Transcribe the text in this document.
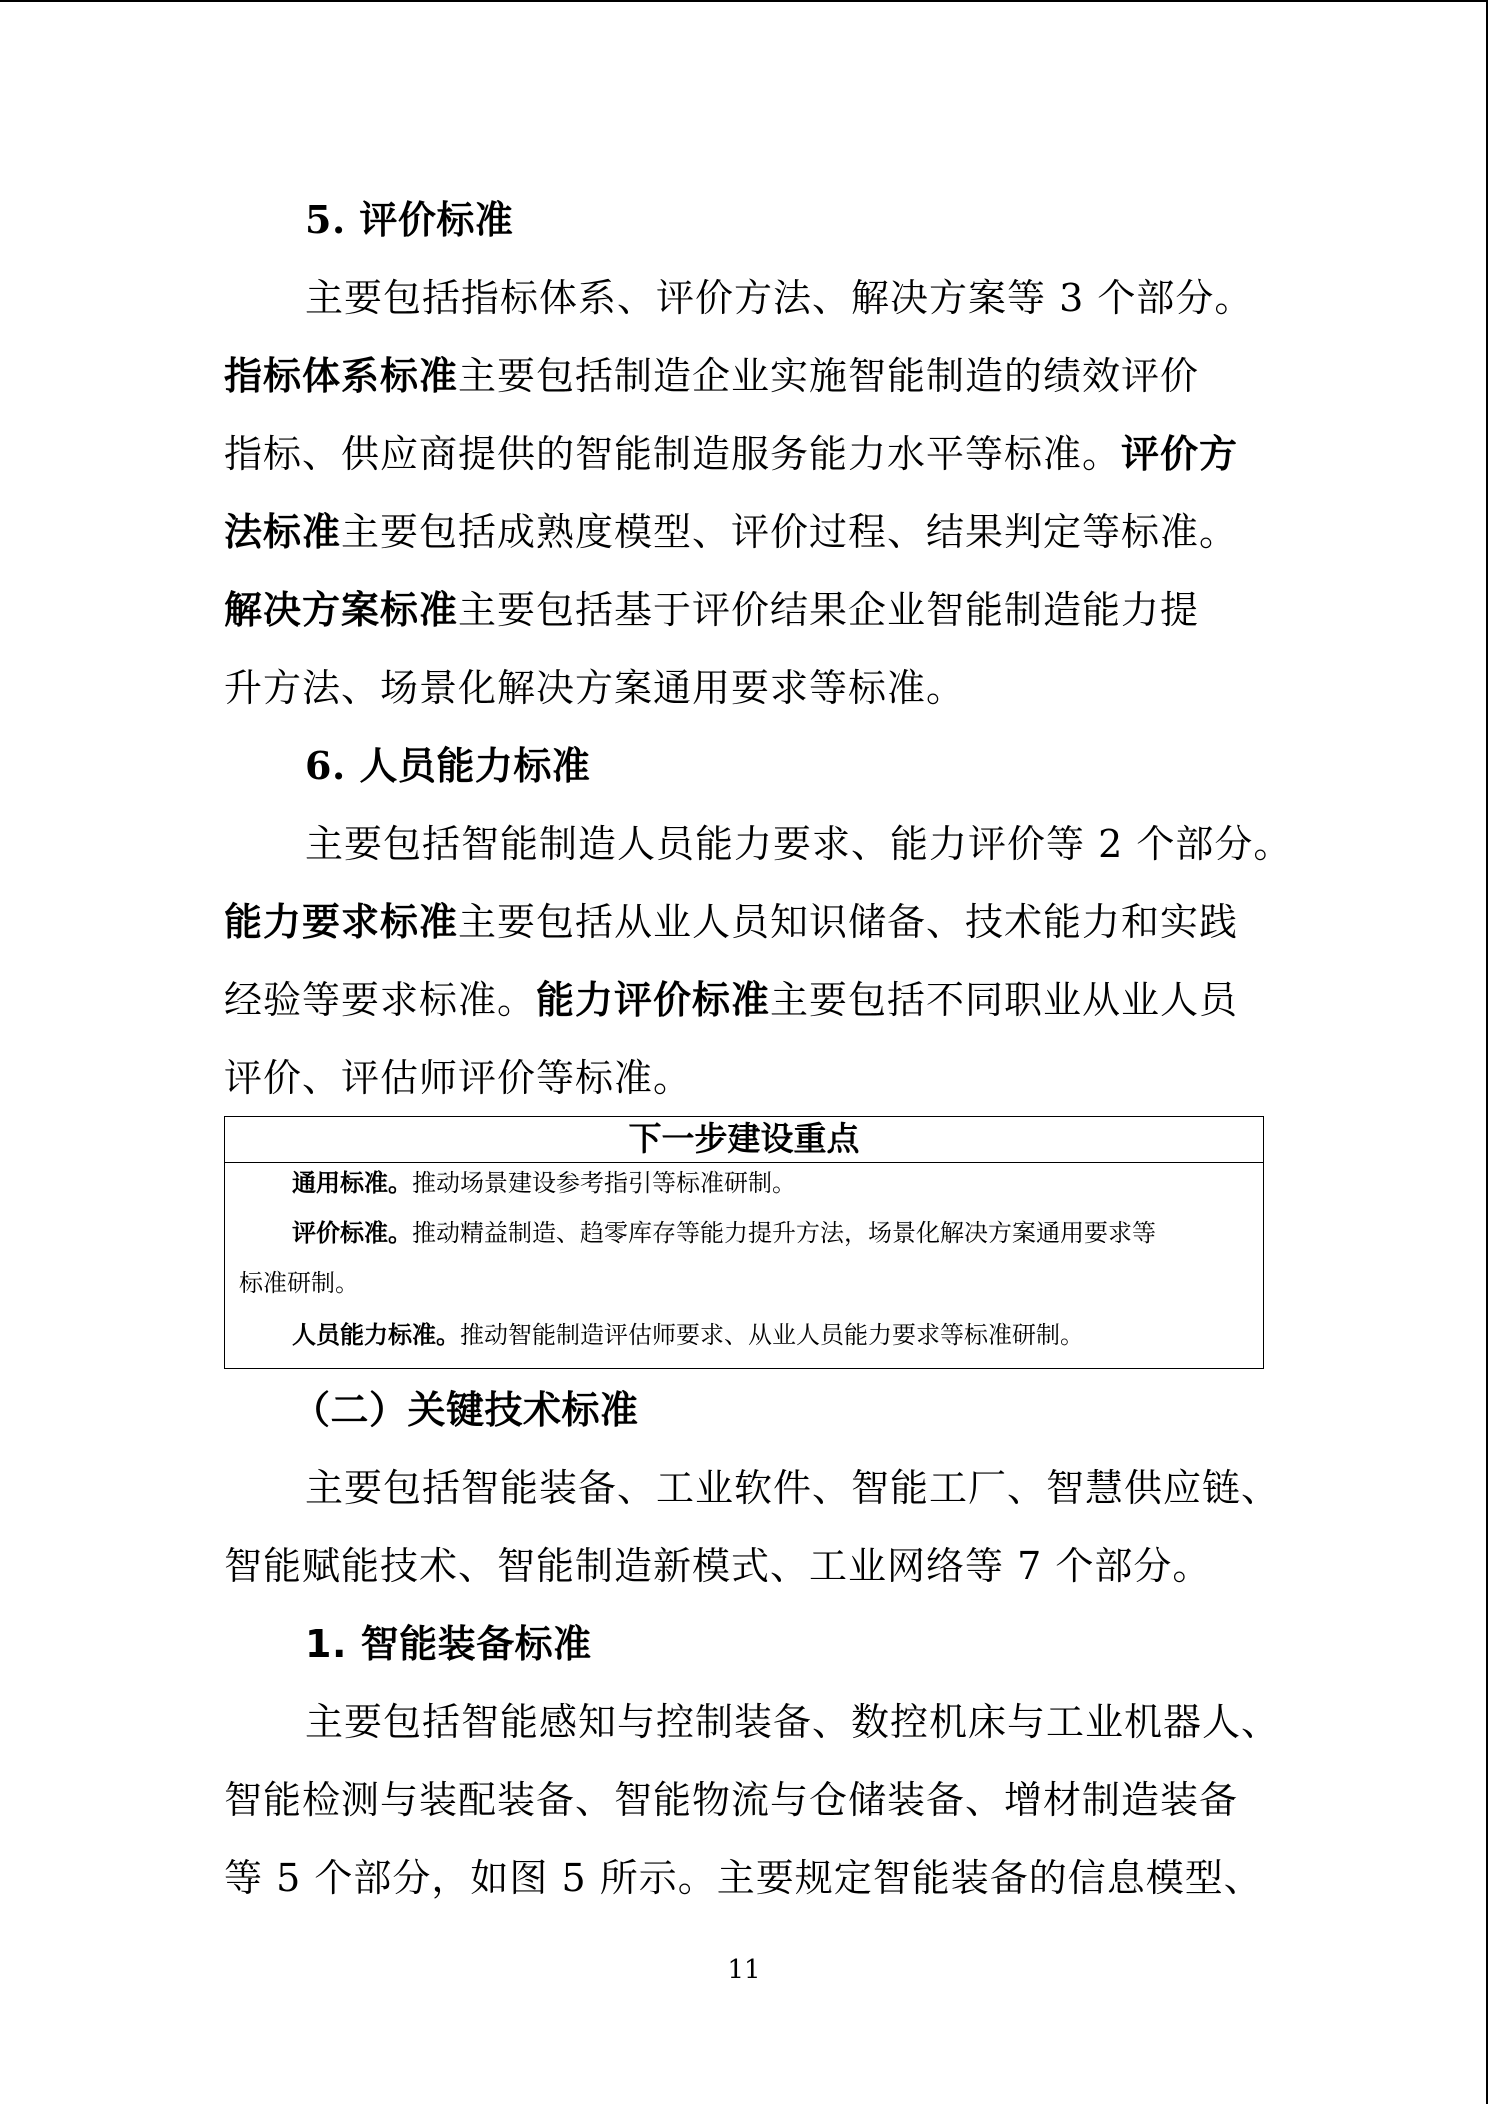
5. 评价标准
主要包括指标体系、评价方法、解决方案等 3 个部分。
指标体系标准主要包括制造企业实施智能制造的绩效评价
指标、供应商提供的智能制造服务能力水平等标准。评价方
法标准主要包括成熟度模型、评价过程、结果判定等标准。
解决方案标准主要包括基于评价结果企业智能制造能力提
升方法、场景化解决方案通用要求等标准。
6. 人员能力标准
主要包括智能制造人员能力要求、能力评价等 2 个部分。
能力要求标准主要包括从业人员知识储备、技术能力和实践
经验等要求标准。能力评价标准主要包括不同职业从业人员
评价、评估师评价等标准。
下一步建设重点
通用标准。推动场景建设参考指引等标准研制。
评价标准。推动精益制造、趋零库存等能力提升方法，场景化解决方案通用要求等
标准研制。
人员能力标准。推动智能制造评估师要求、从业人员能力要求等标准研制。
（二）关键技术标准
主要包括智能装备、工业软件、智能工厂、智慧供应链、
智能赋能技术、智能制造新模式、工业网络等 7 个部分。
1. 智能装备标准
主要包括智能感知与控制装备、数控机床与工业机器人、
智能检测与装配装备、智能物流与仓储装备、增材制造装备
等 5 个部分，如图 5 所示。主要规定智能装备的信息模型、
11
